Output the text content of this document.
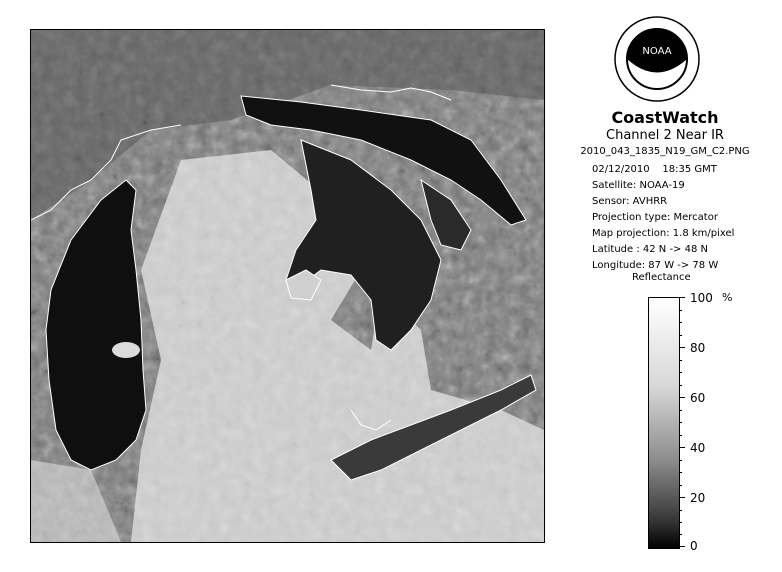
NOAA
CoastWatch
Channel 2 Near IR
2010_043_1835_N19_GM_C2.PNG
02/12/2010 18:35 GMT
Satellite: NOAA-19
Sensor: AVHRR
Projection type: Mercator
Map projection: 1.8 km/pixel
Latitude : 42 N -> 48 N
Longitude: 87 W -> 78 W
Reflectance
%
100
80
60
40
20
0
